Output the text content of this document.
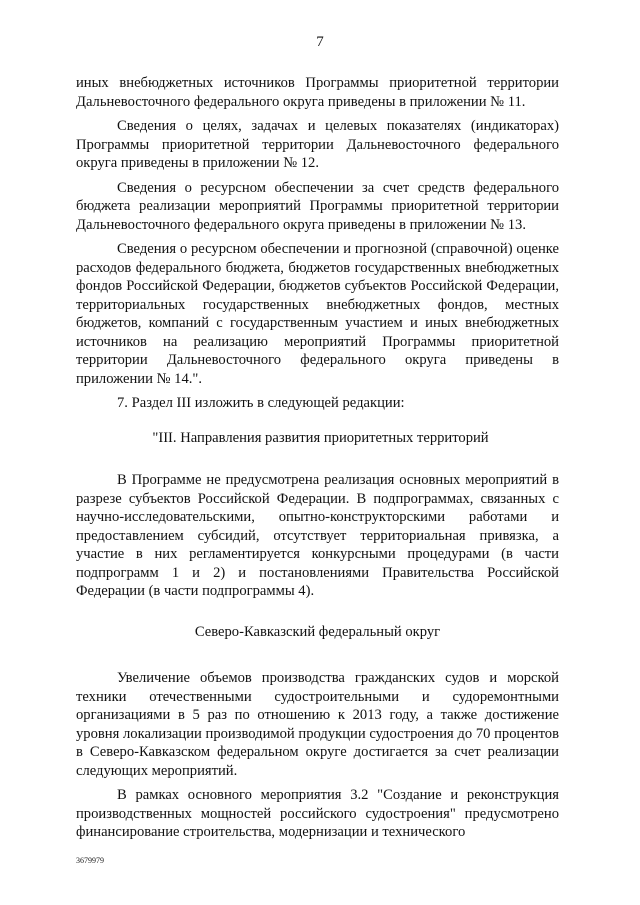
7

иных внебюджетных источников Программы приоритетной территории Дальневосточного федерального округа приведены в приложении № 11.

Сведения о целях, задачах и целевых показателях (индикаторах) Программы приоритетной территории Дальневосточного федерального округа приведены в приложении № 12.

Сведения о ресурсном обеспечении за счет средств федерального бюджета реализации мероприятий Программы приоритетной территории Дальневосточного федерального округа приведены в приложении № 13.

Сведения о ресурсном обеспечении и прогнозной (справочной) оценке расходов федерального бюджета, бюджетов государственных внебюджетных фондов Российской Федерации, бюджетов субъектов Российской Федерации, территориальных государственных внебюджетных фондов, местных бюджетов, компаний с государственным участием и иных внебюджетных источников на реализацию мероприятий Программы приоритетной территории Дальневосточного федерального округа приведены в приложении № 14.".

7. Раздел III изложить в следующей редакции:

"III. Направления развития приоритетных территорий

В Программе не предусмотрена реализация основных мероприятий в разрезе субъектов Российской Федерации. В подпрограммах, связанных с научно-исследовательскими, опытно-конструкторскими работами и предоставлением субсидий, отсутствует территориальная привязка, а участие в них регламентируется конкурсными процедурами (в части подпрограмм 1 и 2) и постановлениями Правительства Российской Федерации (в части подпрограммы 4).

Северо-Кавказский федеральный округ

Увеличение объемов производства гражданских судов и морской техники отечественными судостроительными и судоремонтными организациями в 5 раз по отношению к 2013 году, а также достижение уровня локализации производимой продукции судостроения до 70 процентов в Северо-Кавказском федеральном округе достигается за счет реализации следующих мероприятий.

В рамках основного мероприятия 3.2 "Создание и реконструкция производственных мощностей российского судостроения" предусмотрено финансирование строительства, модернизации и технического

3679979
